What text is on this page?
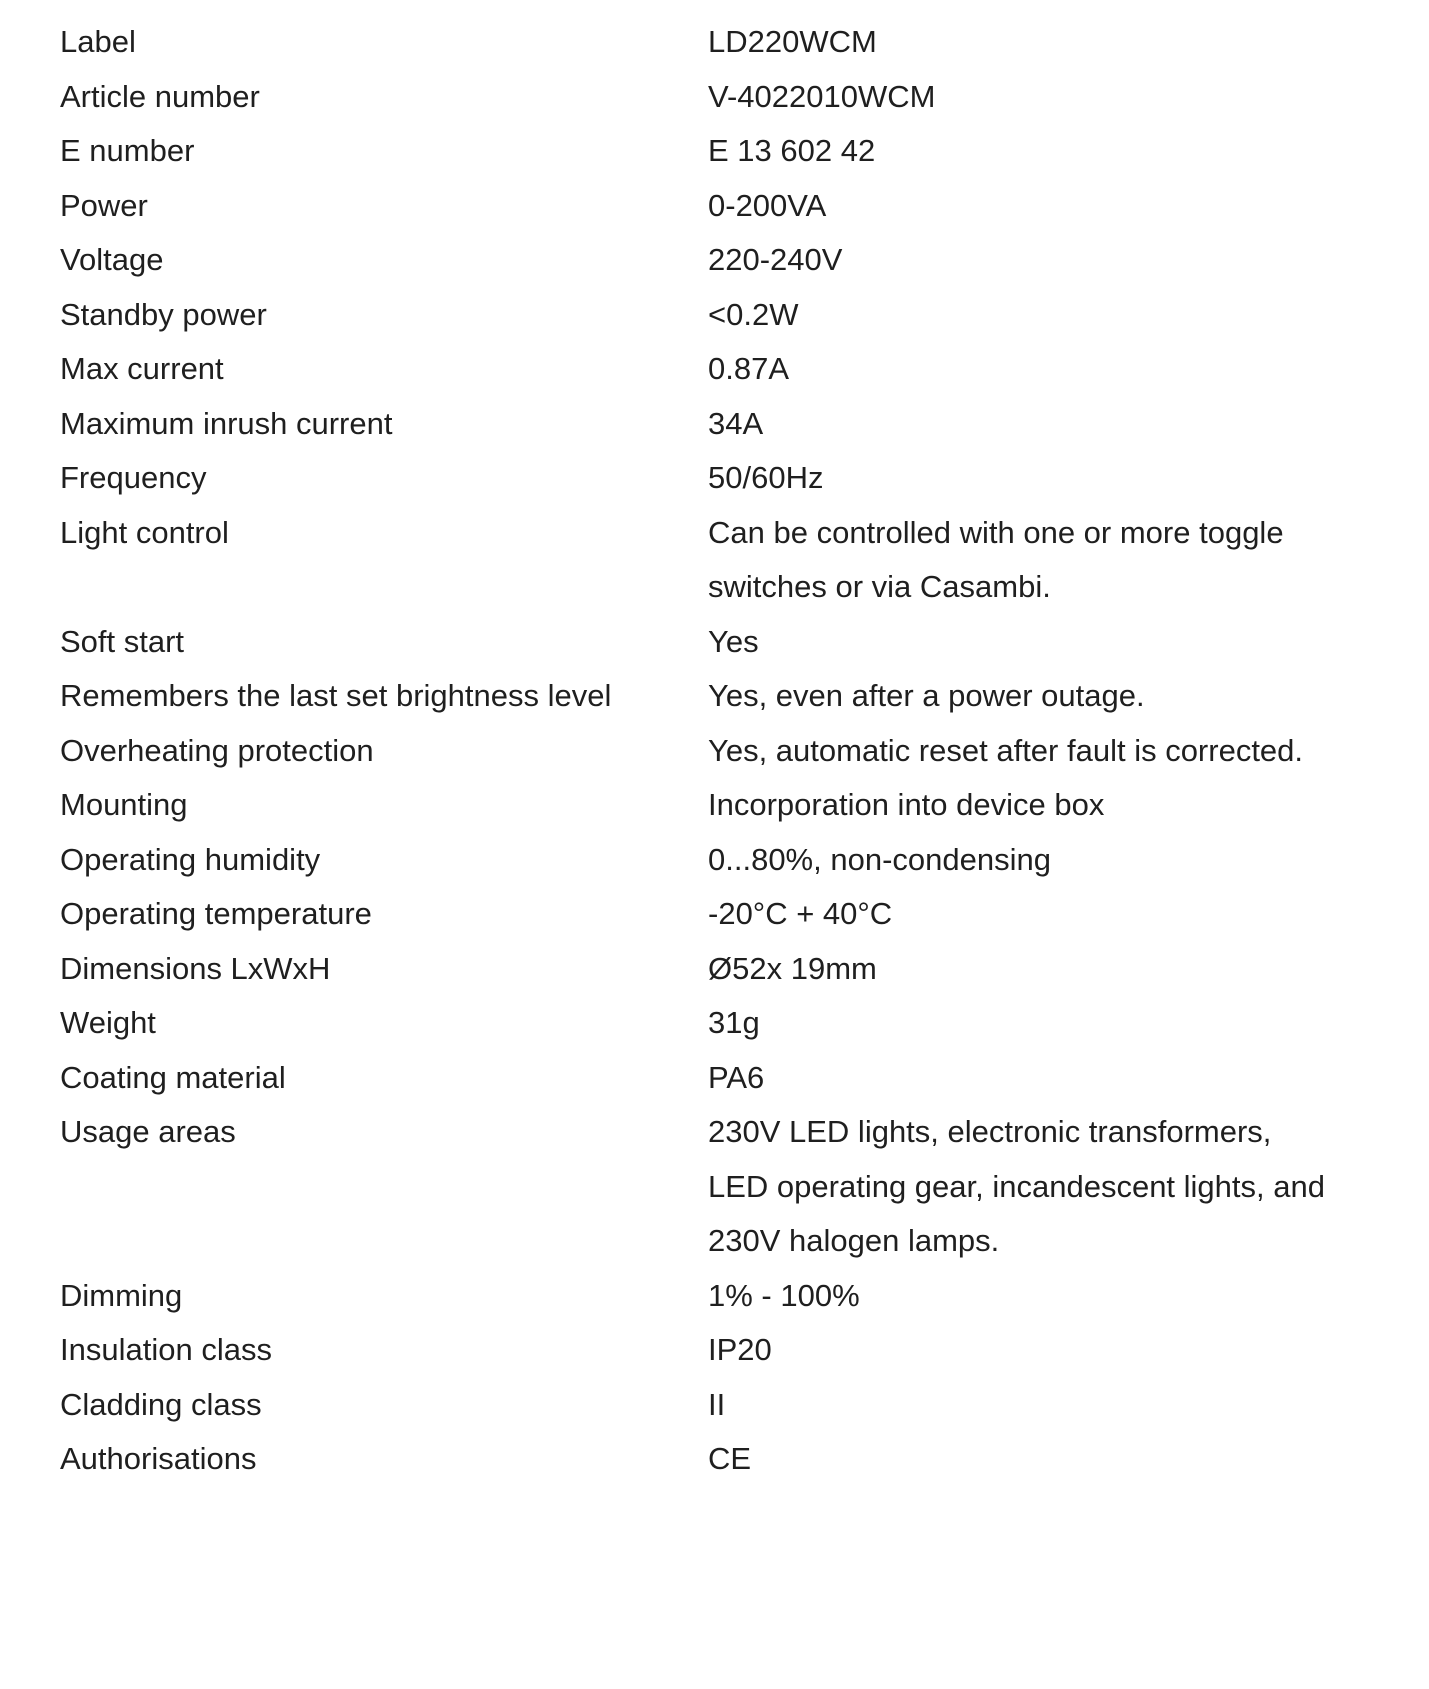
Label	LD220WCM
Article number	V-4022010WCM
E number	E 13 602 42
Power	0-200VA
Voltage	220-240V
Standby power	<0.2W
Max current	0.87A
Maximum inrush current	34A
Frequency	50/60Hz
Light control	Can be controlled with one or more toggle switches or via Casambi.
Soft start	Yes
Remembers the last set brightness level	Yes, even after a power outage.
Overheating protection	Yes, automatic reset after fault is corrected.
Mounting	Incorporation into device box
Operating humidity	0...80%, non-condensing
Operating temperature	-20°C + 40°C
Dimensions LxWxH	Ø52x 19mm
Weight	31g
Coating material	PA6
Usage areas	230V LED lights, electronic transformers, LED operating gear, incandescent lights, and 230V halogen lamps.
Dimming	1% - 100%
Insulation class	IP20
Cladding class	II
Authorisations	CE
